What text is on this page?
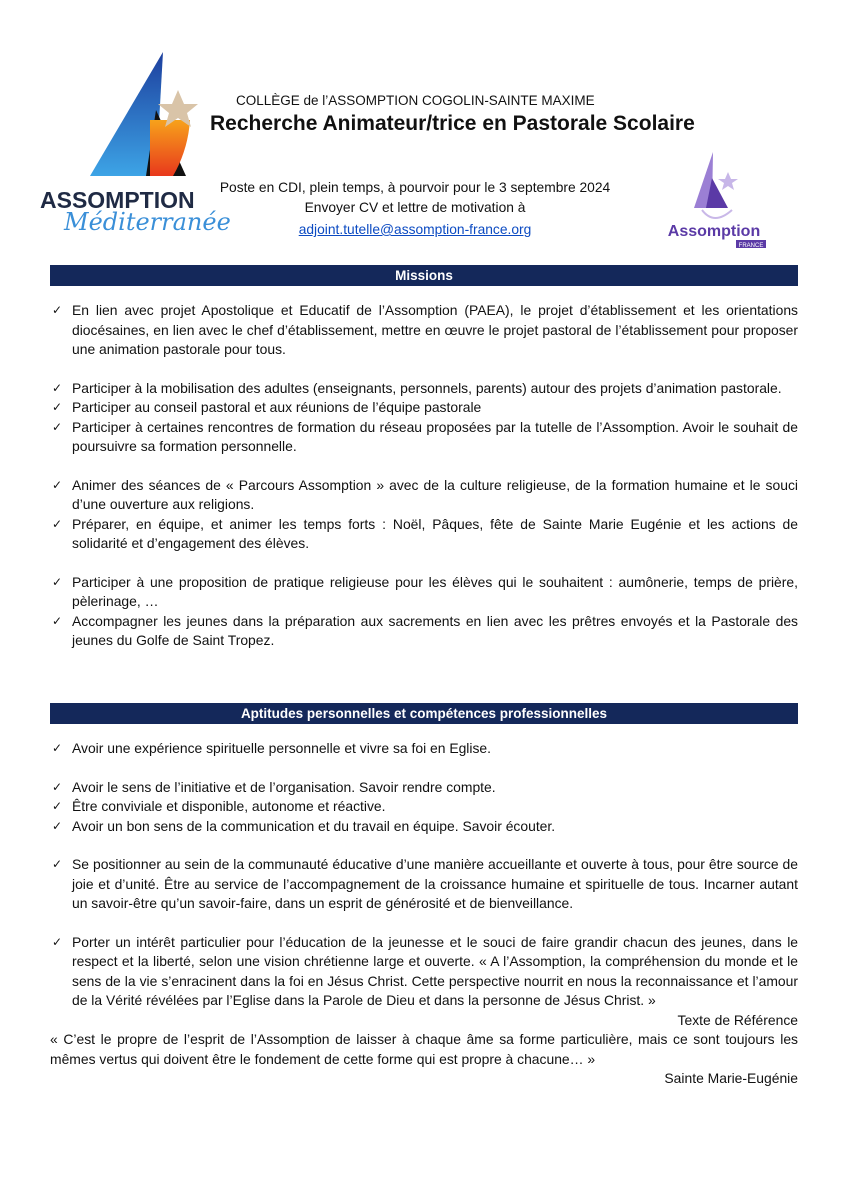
ASSOMPTION
Méditerranée	Assomption
FRANCE
COLLÈGE de l’ASSOMPTION COGOLIN-SAINTE MAXIME
Recherche Animateur/trice en Pastorale Scolaire
Poste en CDI, plein temps, à pourvoir pour le 3 septembre 2024
Envoyer CV et lettre de motivation à
adjoint.tutelle@assomption-france.org
Missions
✓ En lien avec projet Apostolique et Educatif de l’Assomption (PAEA), le projet d’établissement et les orientations diocésaines, en lien avec le chef d’établissement, mettre en œuvre le projet pastoral de l’établissement pour proposer une animation pastorale pour tous.
✓ Participer à la mobilisation des adultes (enseignants, personnels, parents) autour des projets d’animation pastorale.
✓ Participer au conseil pastoral et aux réunions de l’équipe pastorale
✓ Participer à certaines rencontres de formation du réseau proposées par la tutelle de l’Assomption. Avoir le souhait de poursuivre sa formation personnelle.
✓ Animer des séances de « Parcours Assomption » avec de la culture religieuse, de la formation humaine et le souci d’une ouverture aux religions.
✓ Préparer, en équipe, et animer les temps forts : Noël, Pâques, fête de Sainte Marie Eugénie et les actions de solidarité et d’engagement des élèves.
✓ Participer à une proposition de pratique religieuse pour les élèves qui le souhaitent : aumônerie, temps de prière, pèlerinage, …
✓ Accompagner les jeunes dans la préparation aux sacrements en lien avec les prêtres envoyés et la Pastorale des jeunes du Golfe de Saint Tropez.
Aptitudes personnelles et compétences professionnelles
✓ Avoir une expérience spirituelle personnelle et vivre sa foi en Eglise.
✓ Avoir le sens de l’initiative et de l’organisation. Savoir rendre compte.
✓ Être conviviale et disponible, autonome et réactive.
✓ Avoir un bon sens de la communication et du travail en équipe. Savoir écouter.
✓ Se positionner au sein de la communauté éducative d’une manière accueillante et ouverte à tous, pour être source de joie et d’unité. Être au service de l’accompagnement de la croissance humaine et spirituelle de tous. Incarner autant un savoir-être qu’un savoir-faire, dans un esprit de générosité et de bienveillance.
✓ Porter un intérêt particulier pour l’éducation de la jeunesse et le souci de faire grandir chacun des jeunes, dans le respect et la liberté, selon une vision chrétienne large et ouverte. « A l’Assomption, la compréhension du monde et le sens de la vie s’enracinent dans la foi en Jésus Christ. Cette perspective nourrit en nous la reconnaissance et l’amour de la Vérité révélées par l’Eglise dans la Parole de Dieu et dans la personne de Jésus Christ. »
Texte de Référence
« C’est le propre de l’esprit de l’Assomption de laisser à chaque âme sa forme particulière, mais ce sont toujours les mêmes vertus qui doivent être le fondement de cette forme qui est propre à chacune… »
Sainte Marie-Eugénie
